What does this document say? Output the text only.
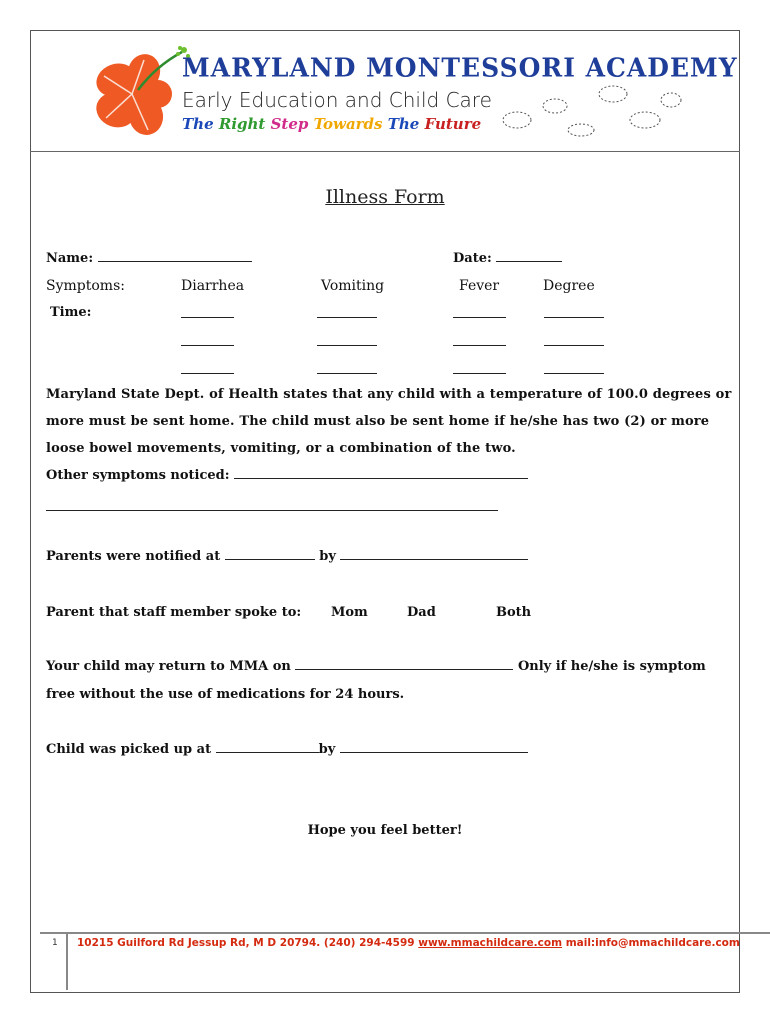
MARYLAND MONTESSORI ACADEMY
Early Education and Child Care
The Right Step Towards The Future
Illness Form
Name:	Date:
Symptoms:	Diarrhea	Vomiting	Fever	Degree
Time:
Maryland State Dept. of Health states that any child with a temperature of 100.0 degrees or more must be sent home. The child must also be sent home if he/she has two (2) or more loose bowel movements, vomiting, or a combination of the two.
Other symptoms noticed:
Parents were notified at	by
Parent that staff member spoke to: Mom	Dad	Both
Your child may return to MMA on	Only if he/she is symptom
free without the use of medications for 24 hours.
Child was picked up at	by
Hope you feel better!
1 10215 Guilford Rd Jessup Rd, M D 20794. (240) 294-4599 www.mmachildcare.com mail:info@mmachildcare.com
